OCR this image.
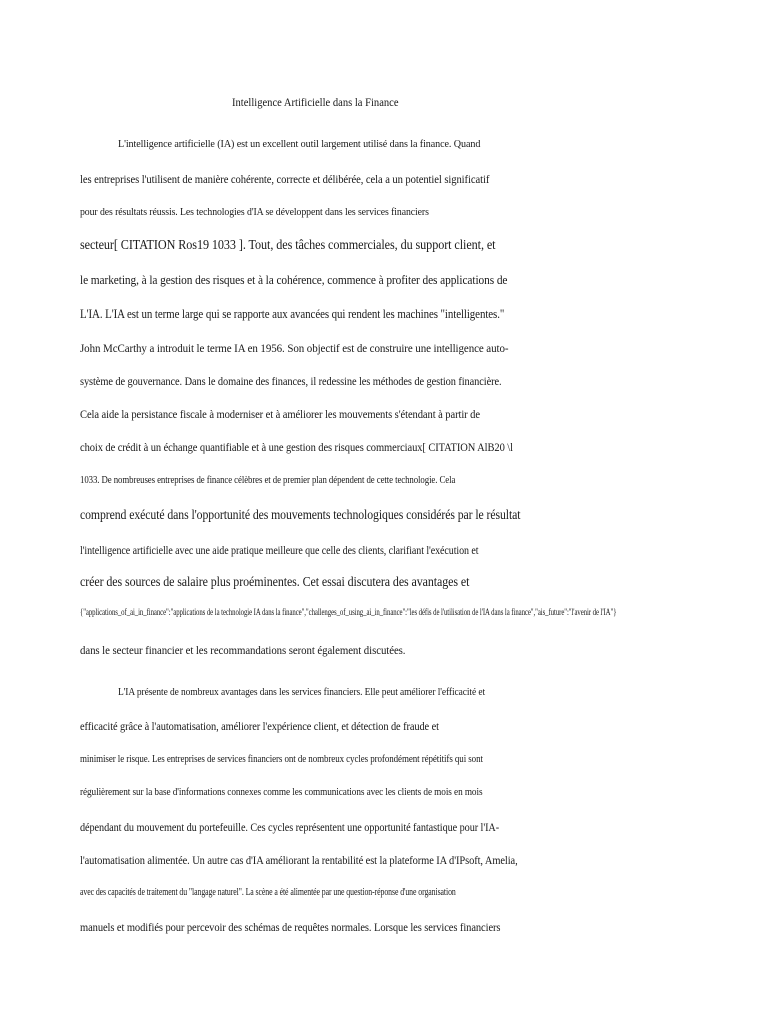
Intelligence Artificielle dans la Finance
L'intelligence artificielle (IA) est un excellent outil largement utilisé dans la finance. Quand
les entreprises l'utilisent de manière cohérente, correcte et délibérée, cela a un potentiel significatif
pour des résultats réussis. Les technologies d'IA se développent dans les services financiers
secteur[ CITATION Ros19 1033 ]. Tout, des tâches commerciales, du support client, et
le marketing, à la gestion des risques et à la cohérence, commence à profiter des applications de
L'IA. L'IA est un terme large qui se rapporte aux avancées qui rendent les machines "intelligentes."
John McCarthy a introduit le terme IA en 1956. Son objectif est de construire une intelligence auto-
système de gouvernance. Dans le domaine des finances, il redessine les méthodes de gestion financière.
Cela aide la persistance fiscale à moderniser et à améliorer les mouvements s'étendant à partir de
choix de crédit à un échange quantifiable et à une gestion des risques commerciaux[ CITATION AlB20 \l
1033. De nombreuses entreprises de finance célèbres et de premier plan dépendent de cette technologie. Cela
comprend exécuté dans l'opportunité des mouvements technologiques considérés par le résultat
l'intelligence artificielle avec une aide pratique meilleure que celle des clients, clarifiant l'exécution et
créer des sources de salaire plus proéminentes. Cet essai discutera des avantages et
{"applications_of_ai_in_finance":"applications de la technologie IA dans la finance","challenges_of_using_ai_in_finance":"les défis de l'utilisation de l'IA dans la finance","ais_future":"l'avenir de l'IA"}
dans le secteur financier et les recommandations seront également discutées.
L'IA présente de nombreux avantages dans les services financiers. Elle peut améliorer l'efficacité et
efficacité grâce à l'automatisation, améliorer l'expérience client, et détection de fraude et
minimiser le risque. Les entreprises de services financiers ont de nombreux cycles profondément répétitifs qui sont
régulièrement sur la base d'informations connexes comme les communications avec les clients de mois en mois
dépendant du mouvement du portefeuille. Ces cycles représentent une opportunité fantastique pour l'IA-
l'automatisation alimentée. Un autre cas d'IA améliorant la rentabilité est la plateforme IA d'IPsoft, Amelia,
avec des capacités de traitement du "langage naturel". La scène a été alimentée par une question-réponse d'une organisation
manuels et modifiés pour percevoir des schémas de requêtes normales. Lorsque les services financiers
